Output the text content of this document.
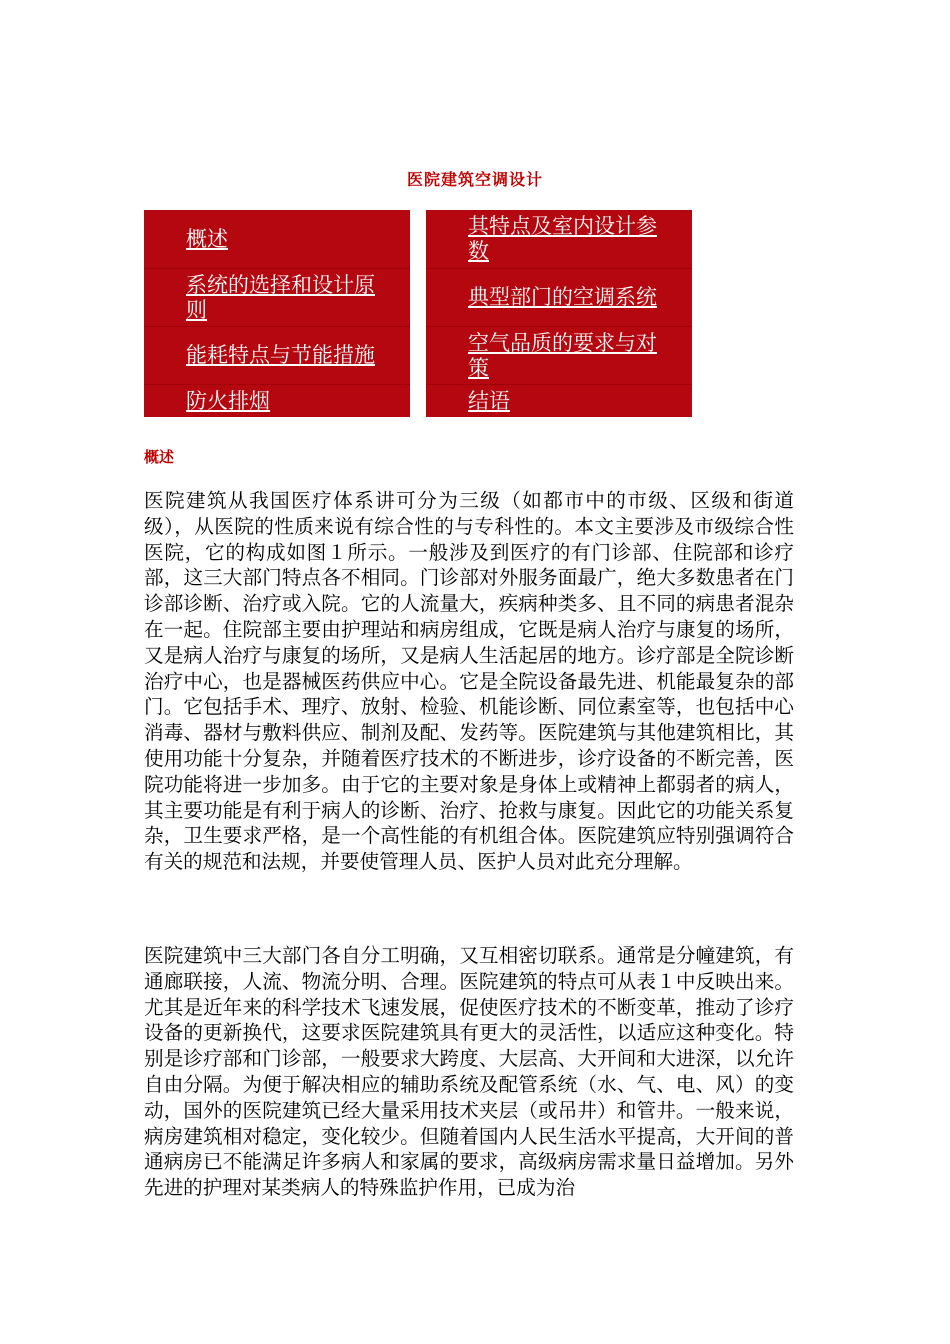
医院建筑空调设计
概述
系统的选择和设计原则
能耗特点与节能措施
防火排烟
其特点及室内设计参数
典型部门的空调系统
空气品质的要求与对策
结语
概述

医院建筑从我国医疗体系讲可分为三级（如都市中的市级、区级和街道级），从医院的性质来说有综合性的与专科性的。本文主要涉及市级综合性医院，它的构成如图１所示。一般涉及到医疗的有门诊部、住院部和诊疗部，这三大部门特点各不相同。门诊部对外服务面最广，绝大多数患者在门诊部诊断、治疗或入院。它的人流量大，疾病种类多、且不同的病患者混杂在一起。住院部主要由护理站和病房组成，它既是病人治疗与康复的场所，又是病人治疗与康复的场所，又是病人生活起居的地方。诊疗部是全院诊断治疗中心，也是器械医药供应中心。它是全院设备最先进、机能最复杂的部门。它包括手术、理疗、放射、检验、机能诊断、同位素室等，也包括中心消毒、器材与敷料供应、制剂及配、发药等。医院建筑与其他建筑相比，其使用功能十分复杂，并随着医疗技术的不断进步，诊疗设备的不断完善，医院功能将进一步加多。由于它的主要对象是身体上或精神上都弱者的病人，其主要功能是有利于病人的诊断、治疗、抢救与康复。因此它的功能关系复杂，卫生要求严格，是一个高性能的有机组合体。医院建筑应特别强调符合有关的规范和法规，并要使管理人员、医护人员对此充分理解。

医院建筑中三大部门各自分工明确，又互相密切联系。通常是分幢建筑，有通廊联接，人流、物流分明、合理。医院建筑的特点可从表１中反映出来。尤其是近年来的科学技术飞速发展，促使医疗技术的不断变革，推动了诊疗设备的更新换代，这要求医院建筑具有更大的灵活性，以适应这种变化。特别是诊疗部和门诊部，一般要求大跨度、大层高、大开间和大进深，以允许自由分隔。为便于解决相应的辅助系统及配管系统（水、气、电、风）的变动，国外的医院建筑已经大量采用技术夹层（或吊井）和管井。一般来说，病房建筑相对稳定，变化较少。但随着国内人民生活水平提高，大开间的普通病房已不能满足许多病人和家属的要求，高级病房需求量日益增加。另外先进的护理对某类病人的特殊监护作用，已成为治
